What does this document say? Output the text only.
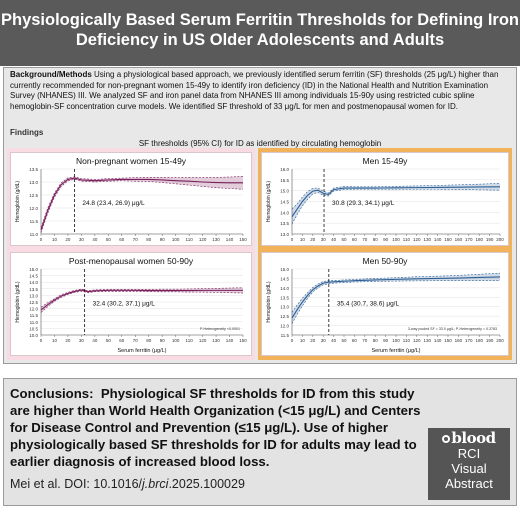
Physiologically Based Serum Ferritin Thresholds for Defining Iron Deficiency in US Older Adolescents and Adults
Background/Methods Using a physiological based approach, we previously identified serum ferritin (SF) thresholds (25 μg/L) higher than currently recommended for non-pregnant women 15-49y to identify iron deficiency (ID) in the National Health and Nutrition Examination Survey (NHANES) III. We analyzed SF and iron panel data from NHANES III among individuals 15-90y using restricted cubic spline hemoglobin-SF concentration curve models. We identified SF threshold of 33 μg/L for men and postmenopausal women for ID.
Findings
SF thresholds (95% CI) for ID as identified by circulating hemoglobin
Non-pregnant women 15-49y
11.0
11.5
12.0
12.5
13.0
13.5
0 10 20 30 40 50 60 70 80 90 100 110 120 130 140 150
Hemoglobin (g/dL)	24.8 (23.4, 26.9) μg/L
Post-menopausal women 50-90y
10.0
10.5
11.0
11.5
12.0
12.5
13.0
13.5
14.0
14.5
15.0
0 10 20 30 40 50 60 70 80 90 100 110 120 130 140 150
Hemoglobin (g/dL)
Serum ferritin (μg/L)
32.4 (30.2, 37.1) μg/L
P-Heterogeneity <0.0001
Men 15-49y
13.0
13.5
14.0
14.5
15.0
15.5
16.0
0 10 20 30 40 50 60 70 80 90 100 110 120 130 140 150 160 170 180 190 200
Hemoglobin (g/dL)	30.8 (29.3, 34.1) μg/L
Men 50-90y
11.5
12.0
12.5
13.0
13.5
14.0
14.5
15.0
0 10 20 30 40 50 60 70 80 90 100 110 120 130 140 150 160 170 180 190 200
Hemoglobin (g/dL)
Serum ferritin (μg/L)
35.4 (30.7, 38.6) μg/L
3-way pooled SF = 33.0 μg/L; P-Heterogeneity = 0.3783
Conclusions: Physiological SF thresholds for ID from this study are higher than World Health Organization (<15 μg/L) and Centers for Disease Control and Prevention (≤15 μg/L). Use of higher physiologically based SF thresholds for ID for adults may lead to earlier diagnosis of increased blood loss.
Mei et al. DOI: 10.1016/j.brci.2025.100029
blood
RCI
Visual
Abstract
